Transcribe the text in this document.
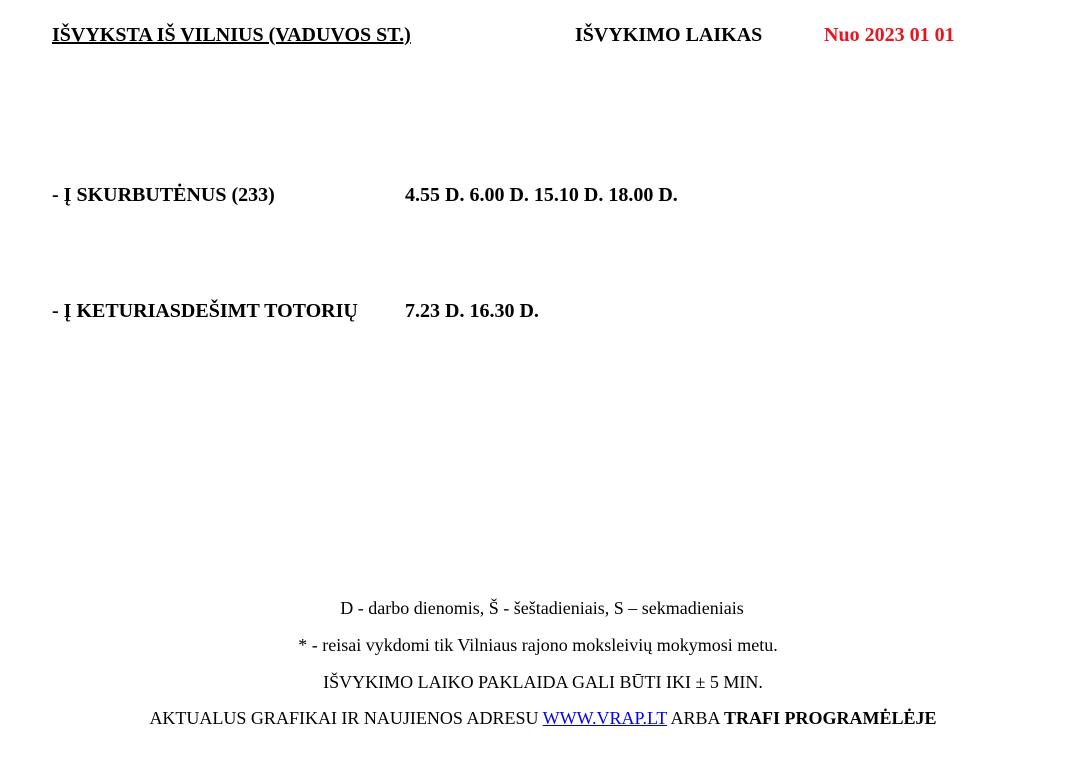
IŠVYKSTA IŠ VILNIUS (VADUVOS ST.)	IŠVYKIMO LAIKAS	Nuo 2023 01 01
- Į SKURBUTĖNUS (233)	4.55 D. 6.00 D. 15.10 D. 18.00 D.
- Į KETURIASDEŠIMT TOTORIŲ 7.23 D. 16.30 D.
D - darbo dienomis, Š - šeštadieniais, S – sekmadieniais
* - reisai vykdomi tik Vilniaus rajono moksleivių mokymosi metu.
IŠVYKIMO LAIKO PAKLAIDA GALI BŪTI IKI ± 5 MIN.
AKTUALUS GRAFIKAI IR NAUJIENOS ADRESU WWW.VRAP.LT ARBA TRAFI PROGRAMĖLĖJE
